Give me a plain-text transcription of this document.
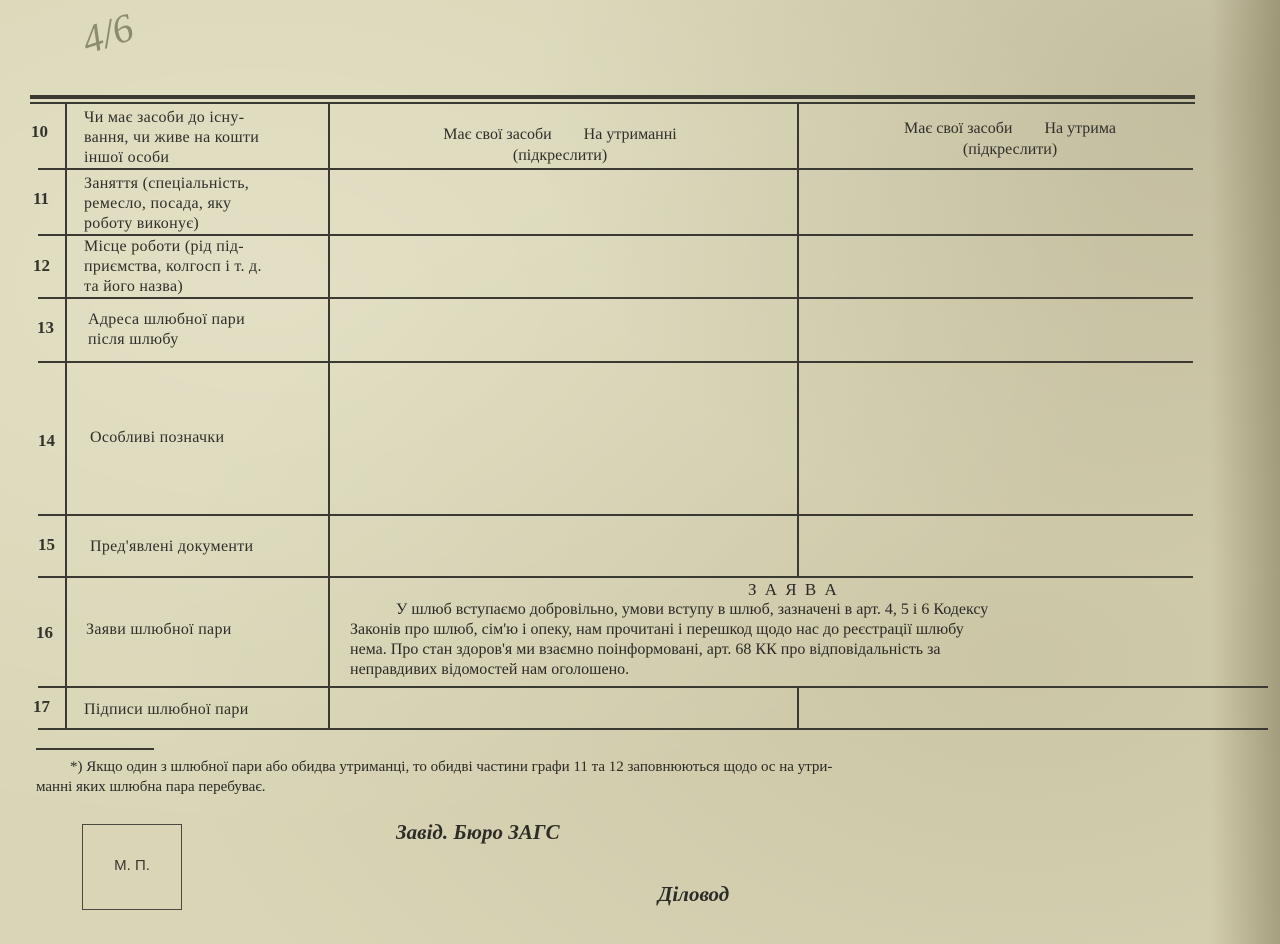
4/6
10
11
12
13
14
15
16
17
Чи має засоби до існу-
вання, чи живе на кошти
іншої особи
Заняття (спеціальність,
ремесло, посада, яку
роботу виконує)
Місце роботи (рід під-
приємства, колгосп і т. д.
та його назва)
Адреса шлюбної пари
після шлюбу
Особливі позначки
Пред'явлені документи
Заяви шлюбної пари
Підписи шлюбної пари
Має свої засоби На утриманні
(підкреслити)
Має свої засоби На утрима
(підкреслити)
З А Я В А
У шлюб вступаємо добровільно, умови вступу в шлюб, зазначені в арт. 4, 5 і 6 Кодексу
Законів про шлюб, сім'ю і опеку, нам прочитані і перешкод щодо нас до реєстрації шлюбу
нема. Про стан здоров'я ми взаємно поінформовані, арт. 68 КК про відповідальність за
неправдивих відомостей нам оголошено.
*) Якщо один з шлюбної пари або обидва утриманці, то обидві частини графи 11 та 12 заповнюються щодо ос на утри-
манні яких шлюбна пара перебуває.
М. П.
Завід. Бюро ЗАГС
Діловод
